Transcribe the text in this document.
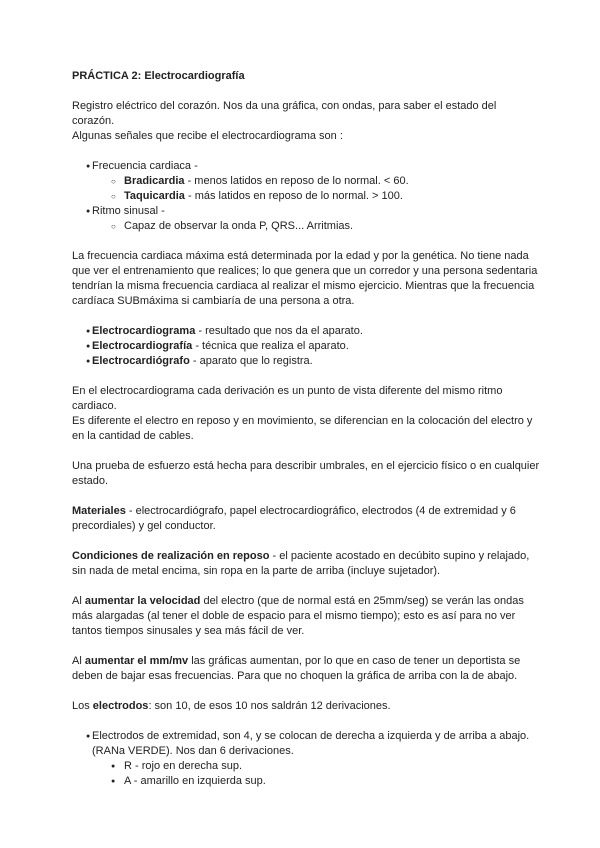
PRÁCTICA 2: Electrocardiografía

Registro eléctrico del corazón. Nos da una gráfica, con ondas, para saber el estado del corazón.

Algunas señales que recibe el electrocardiograma son :

● Frecuencia cardiaca -
○ Bradicardia - menos latidos en reposo de lo normal. < 60.
○ Taquicardia - más latidos en reposo de lo normal. > 100.
● Ritmo sinusal -
○ Capaz de observar la onda P, QRS... Arritmias.

La frecuencia cardiaca máxima está determinada por la edad y por la genética. No tiene nada que ver el entrenamiento que realices; lo que genera que un corredor y una persona sedentaria tendrían la misma frecuencia cardiaca al realizar el mismo ejercicio. Mientras que la frecuencia cardíaca SUBmáxima si cambiaría de una persona a otra.

● Electrocardiograma - resultado que nos da el aparato.
● Electrocardiografía - técnica que realiza el aparato.
● Electrocardiógrafo - aparato que lo registra.

En el electrocardiograma cada derivación es un punto de vista diferente del mismo ritmo cardiaco.

Es diferente el electro en reposo y en movimiento, se diferencian en la colocación del electro y en la cantidad de cables.

Una prueba de esfuerzo está hecha para describir umbrales, en el ejercicio físico o en cualquier estado.

Materiales - electrocardiógrafo, papel electrocardiográfico, electrodos (4 de extremidad y 6 precordiales) y gel conductor.

Condiciones de realización en reposo - el paciente acostado en decúbito supino y relajado, sin nada de metal encima, sin ropa en la parte de arriba (incluye sujetador).

Al aumentar la velocidad del electro (que de normal está en 25mm/seg) se verán las ondas más alargadas (al tener el doble de espacio para el mismo tiempo); esto es así para no ver tantos tiempos sinusales y sea más fácil de ver.

Al aumentar el mm/mv las gráficas aumentan, por lo que en caso de tener un deportista se deben de bajar esas frecuencias. Para que no choquen la gráfica de arriba con la de abajo.

Los electrodos: son 10, de esos 10 nos saldrán 12 derivaciones.

● Electrodos de extremidad, son 4, y se colocan de derecha a izquierda y de arriba a abajo. (RANa VERDE). Nos dan 6 derivaciones.
● R - rojo en derecha sup.
● A - amarillo en izquierda sup.
